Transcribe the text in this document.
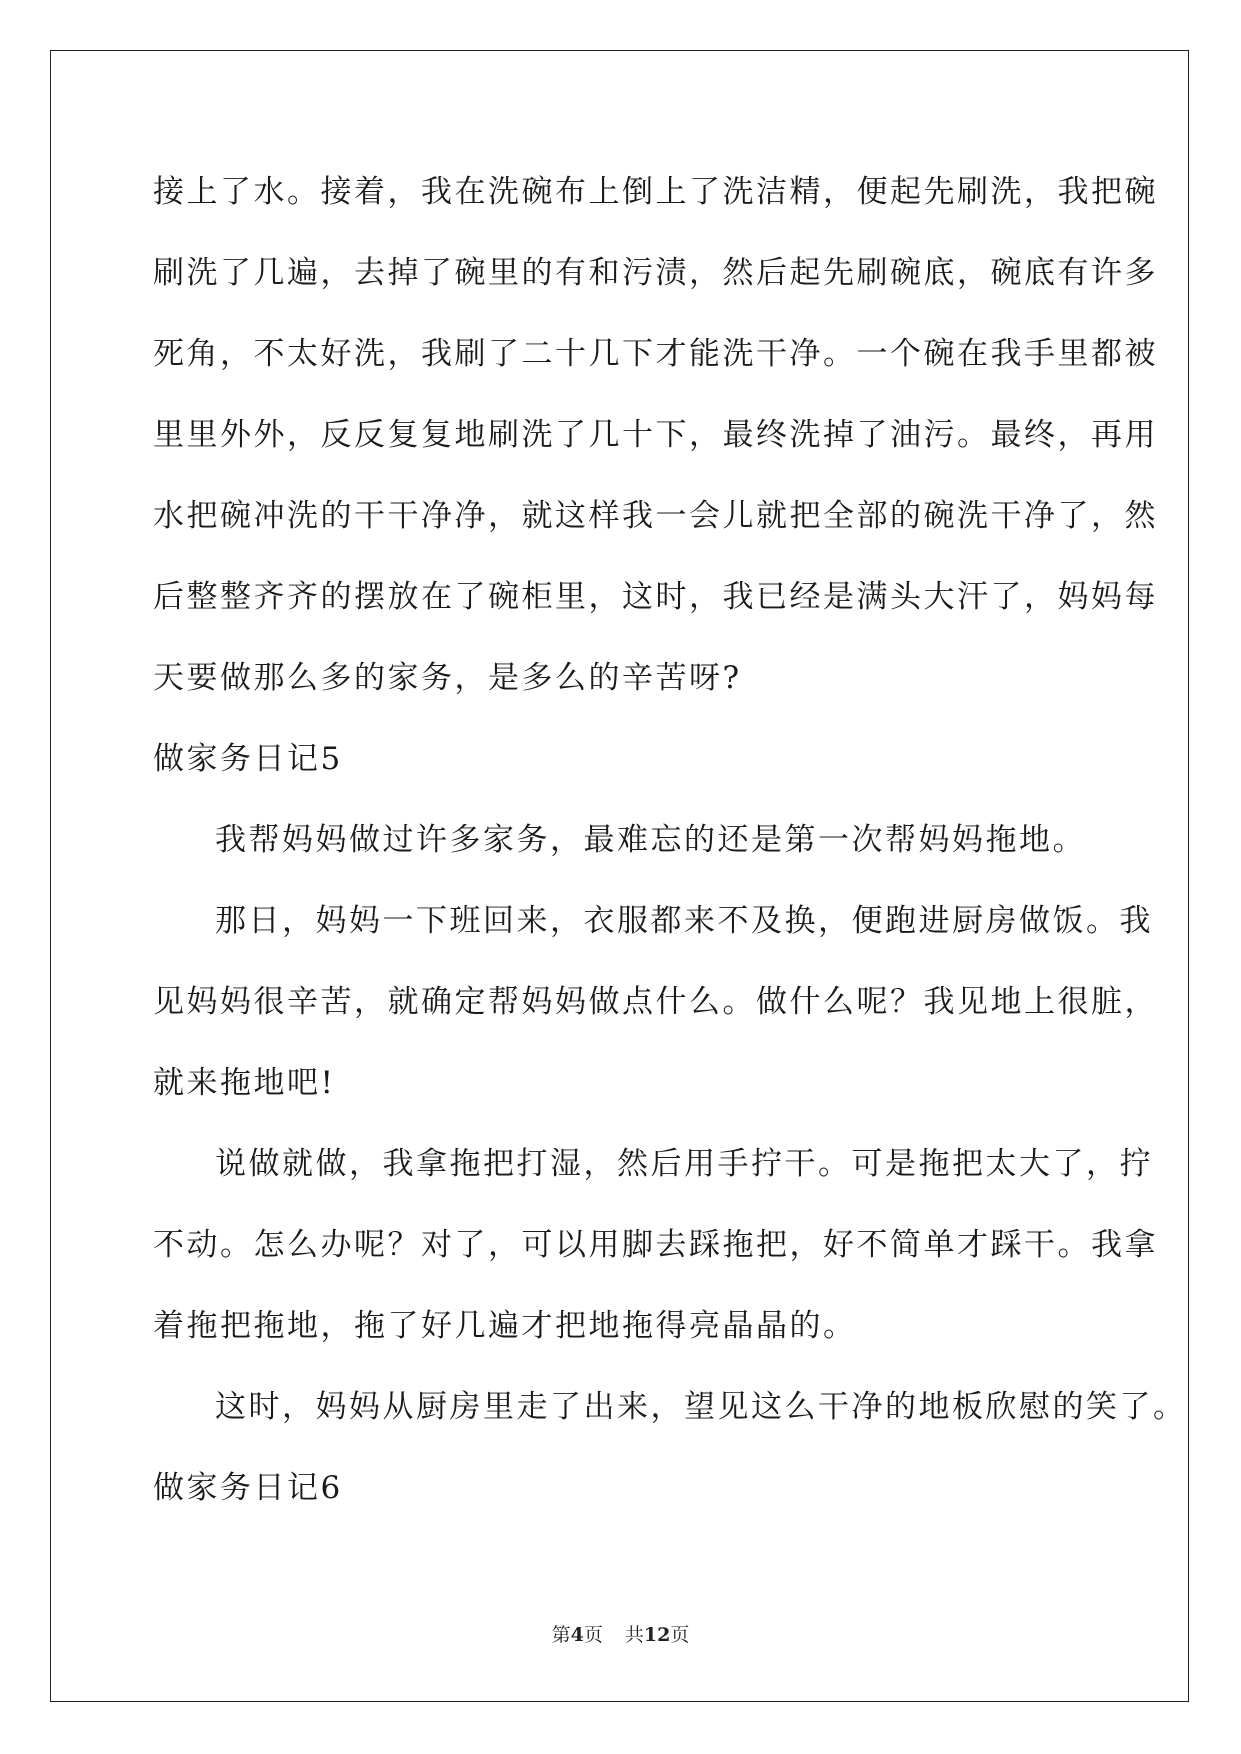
接上了水。接着，我在洗碗布上倒上了洗洁精，便起先刷洗，我把碗
刷洗了几遍，去掉了碗里的有和污渍，然后起先刷碗底，碗底有许多
死角，不太好洗，我刷了二十几下才能洗干净。一个碗在我手里都被
里里外外，反反复复地刷洗了几十下，最终洗掉了油污。最终，再用
水把碗冲洗的干干净净，就这样我一会儿就把全部的碗洗干净了，然
后整整齐齐的摆放在了碗柜里，这时，我已经是满头大汗了，妈妈每
天要做那么多的家务，是多么的辛苦呀?
做家务日记5
我帮妈妈做过许多家务，最难忘的还是第一次帮妈妈拖地。
那日，妈妈一下班回来，衣服都来不及换，便跑进厨房做饭。我
见妈妈很辛苦，就确定帮妈妈做点什么。做什么呢？我见地上很脏，
就来拖地吧!
说做就做，我拿拖把打湿，然后用手拧干。可是拖把太大了，拧
不动。怎么办呢？对了，可以用脚去踩拖把，好不简单才踩干。我拿
着拖把拖地，拖了好几遍才把地拖得亮晶晶的。
这时，妈妈从厨房里走了出来，望见这么干净的地板欣慰的笑了。
做家务日记6
第4页 共12页
